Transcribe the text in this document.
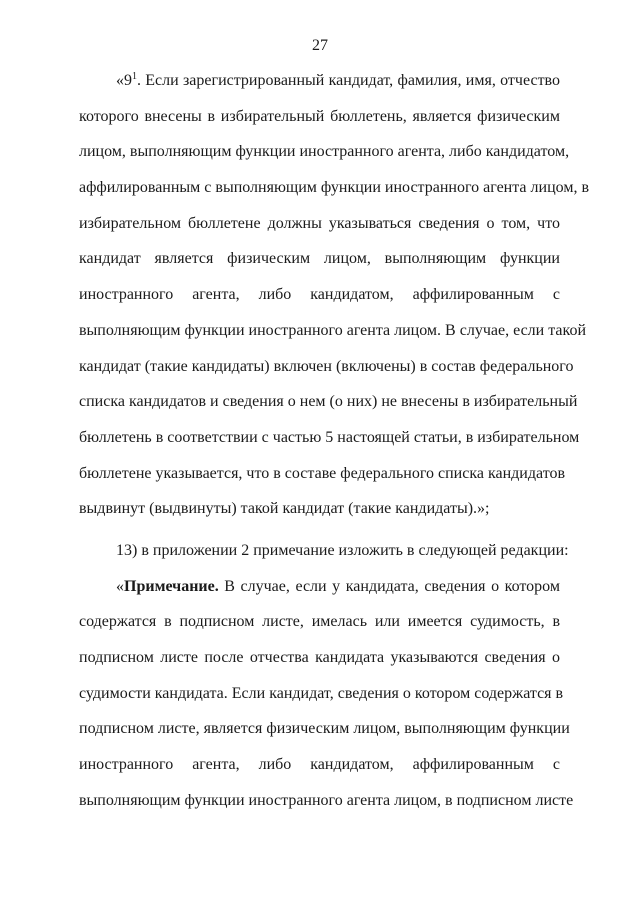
27
«$9^1$. Если зарегистрированный кандидат, фамилия, имя, отчество
которого внесены в избирательный бюллетень, является физическим
лицом, выполняющим функции иностранного агента, либо кандидатом,
аффилированным с выполняющим функции иностранного агента лицом, в
избирательном бюллетене должны указываться сведения о том, что
кандидат является физическим лицом, выполняющим функции
иностранного агента, либо кандидатом, аффилированным с
выполняющим функции иностранного агента лицом. В случае, если такой
кандидат (такие кандидаты) включен (включены) в состав федерального
списка кандидатов и сведения о нем (о них) не внесены в избирательный
бюллетень в соответствии с частью 5 настоящей статьи, в избирательном
бюллетене указывается, что в составе федерального списка кандидатов
выдвинут (выдвинуты) такой кандидат (такие кандидаты).»;
13) в приложении 2 примечание изложить в следующей редакции:
«Примечание. В случае, если у кандидата, сведения о котором
содержатся в подписном листе, имелась или имеется судимость, в
подписном листе после отчества кандидата указываются сведения о
судимости кандидата. Если кандидат, сведения о котором содержатся в
подписном листе, является физическим лицом, выполняющим функции
иностранного агента, либо кандидатом, аффилированным с
выполняющим функции иностранного агента лицом, в подписном листе
